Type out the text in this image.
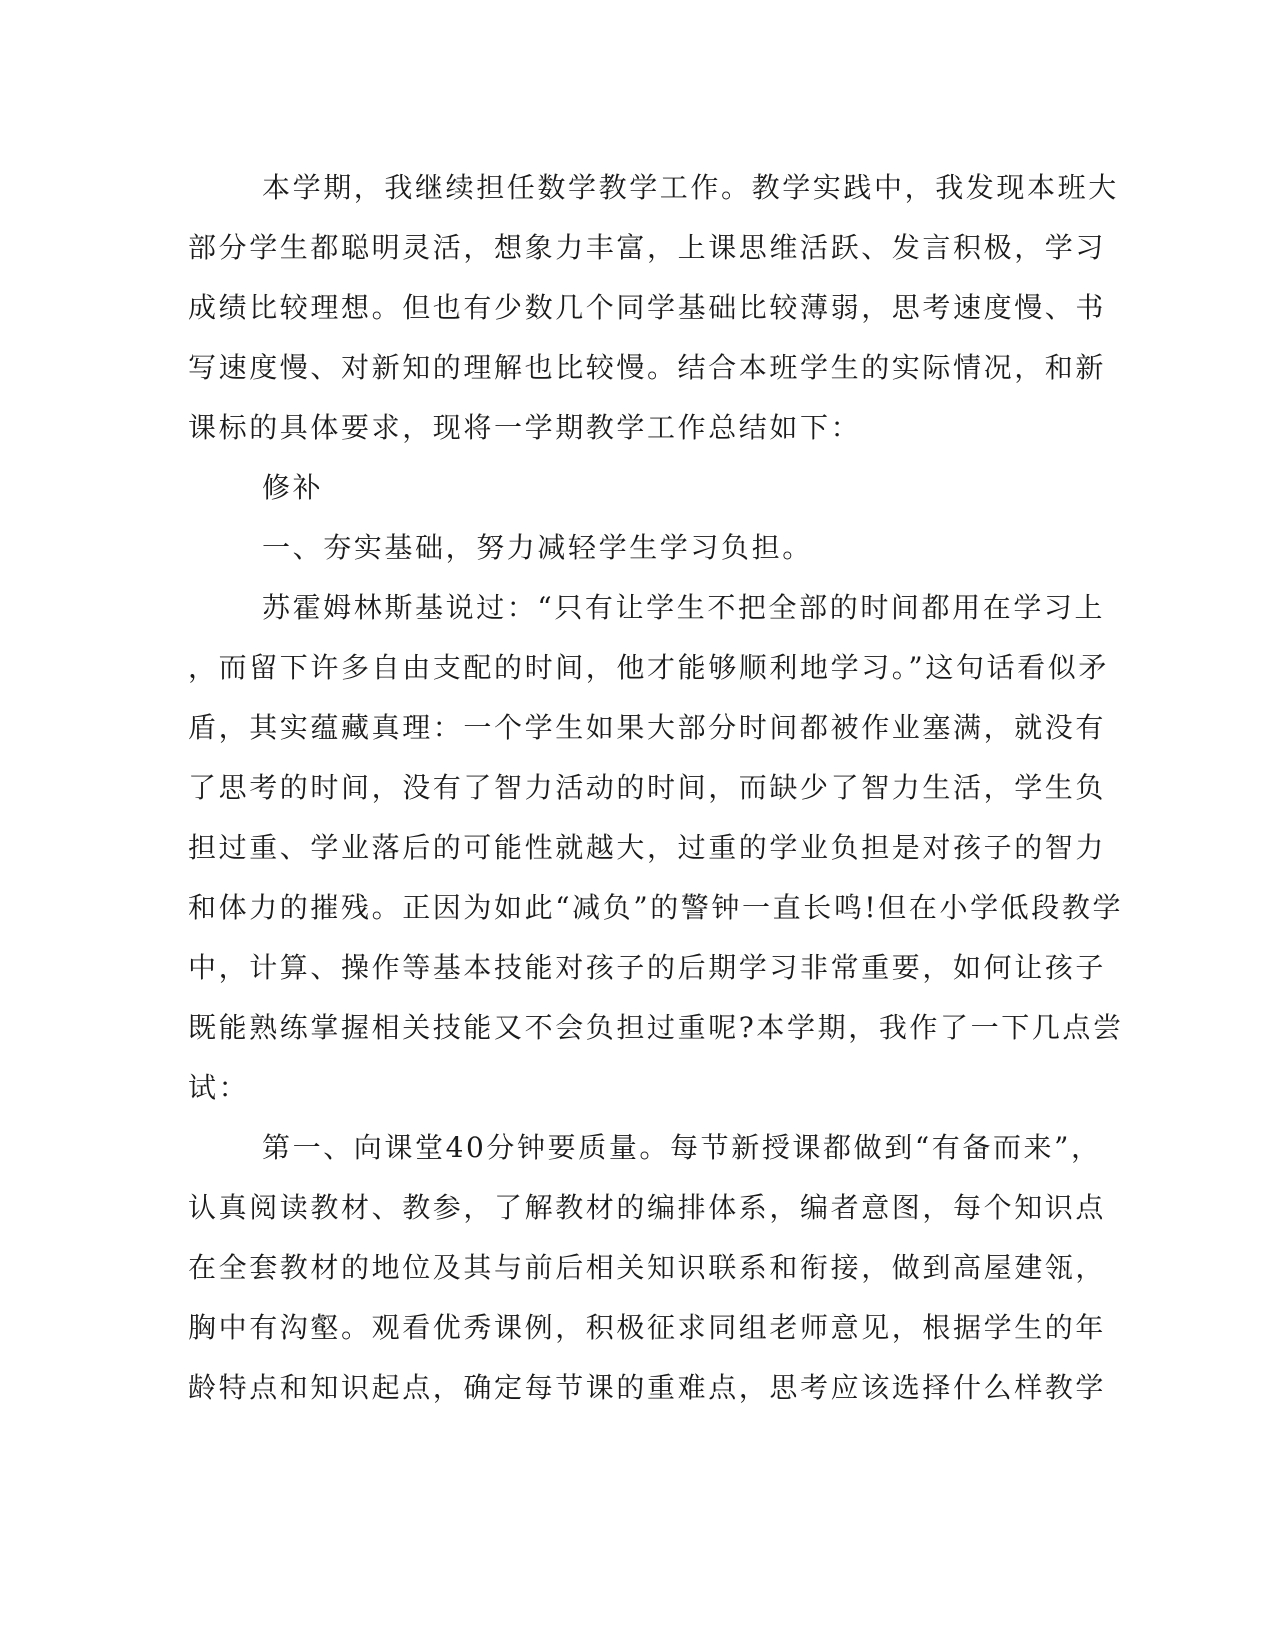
本学期，我继续担任数学教学工作。教学实践中，我发现本班大
部分学生都聪明灵活，想象力丰富，上课思维活跃、发言积极，学习
成绩比较理想。但也有少数几个同学基础比较薄弱，思考速度慢、书
写速度慢、对新知的理解也比较慢。结合本班学生的实际情况，和新
课标的具体要求，现将一学期教学工作总结如下：
修补
一、夯实基础，努力减轻学生学习负担。
苏霍姆林斯基说过：“只有让学生不把全部的时间都用在学习上
，而留下许多自由支配的时间，他才能够顺利地学习。”这句话看似矛
盾，其实蕴藏真理：一个学生如果大部分时间都被作业塞满，就没有
了思考的时间，没有了智力活动的时间，而缺少了智力生活，学生负
担过重、学业落后的可能性就越大，过重的学业负担是对孩子的智力
和体力的摧残。正因为如此“减负”的警钟一直长鸣!但在小学低段教学
中，计算、操作等基本技能对孩子的后期学习非常重要，如何让孩子
既能熟练掌握相关技能又不会负担过重呢?本学期，我作了一下几点尝
试：
第一、向课堂40分钟要质量。每节新授课都做到“有备而来”，
认真阅读教材、教参，了解教材的编排体系，编者意图，每个知识点
在全套教材的地位及其与前后相关知识联系和衔接，做到高屋建瓴，
胸中有沟壑。观看优秀课例，积极征求同组老师意见，根据学生的年
龄特点和知识起点，确定每节课的重难点，思考应该选择什么样教学
